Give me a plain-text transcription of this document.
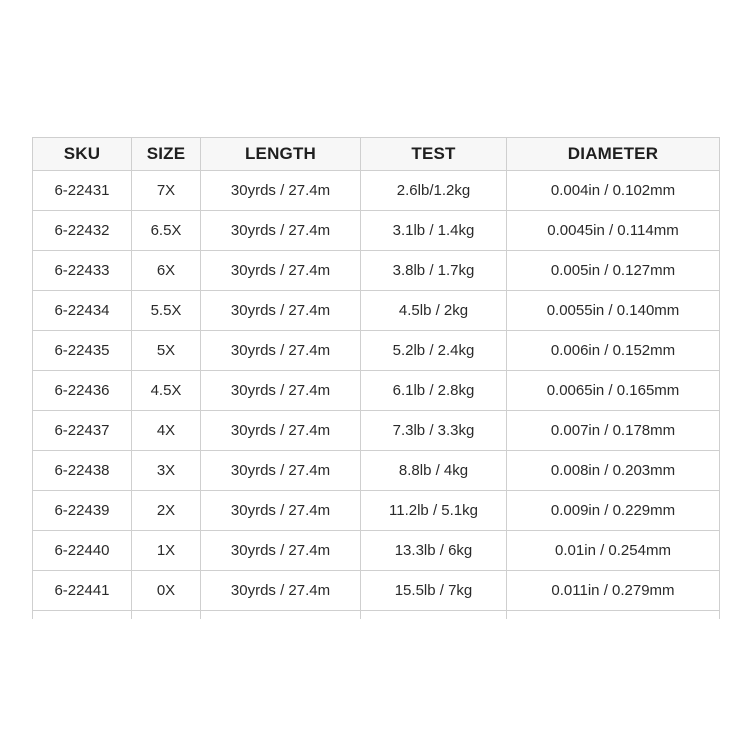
SKU	SIZE	LENGTH	TEST	DIAMETER
6-22431	7X	30yrds / 27.4m	2.6lb/1.2kg	0.004in / 0.102mm
6-22432	6.5X	30yrds / 27.4m	3.1lb / 1.4kg	0.0045in / 0.114mm
6-22433	6X	30yrds / 27.4m	3.8lb / 1.7kg	0.005in / 0.127mm
6-22434	5.5X	30yrds / 27.4m	4.5lb / 2kg	0.0055in / 0.140mm
6-22435	5X	30yrds / 27.4m	5.2lb / 2.4kg	0.006in / 0.152mm
6-22436	4.5X	30yrds / 27.4m	6.1lb / 2.8kg	0.0065in / 0.165mm
6-22437	4X	30yrds / 27.4m	7.3lb / 3.3kg	0.007in / 0.178mm
6-22438	3X	30yrds / 27.4m	8.8lb / 4kg	0.008in / 0.203mm
6-22439	2X	30yrds / 27.4m	11.2lb / 5.1kg	0.009in / 0.229mm
6-22440	1X	30yrds / 27.4m	13.3lb / 6kg	0.01in / 0.254mm
6-22441	0X	30yrds / 27.4m	15.5lb / 7kg	0.011in / 0.279mm
